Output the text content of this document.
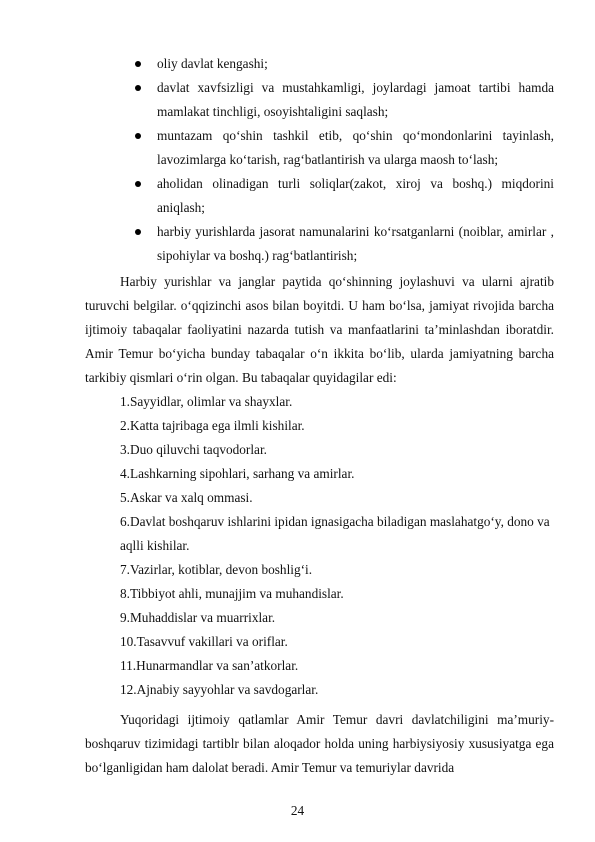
oliy davlat kengashi;
davlat xavfsizligi va mustahkamligi, joylardagi jamoat tartibi hamda mamlakat tinchligi, osoyishtaligini saqlash;
muntazam qo‘shin tashkil etib, qo‘shin qo‘mondonlarini tayinlash, lavozimlarga ko‘tarish, rag‘batlantirish va ularga maosh to‘lash;
aholidan olinadigan turli soliqlar(zakot, xiroj va boshq.) miqdorini aniqlash;
harbiy yurishlarda jasorat namunalarini ko‘rsatganlarni (noiblar, amirlar , sipohiylar va boshq.) rag‘batlantirish;

Harbiy yurishlar va janglar paytida qo‘shinning joylashuvi va ularni ajratib turuvchi belgilar. o‘qqizinchi asos bilan boyitdi. U ham bo‘lsa, jamiyat rivojida barcha ijtimoiy tabaqalar faoliyatini nazarda tutish va manfaatlarini ta’minlashdan iboratdir. Amir Temur bo‘yicha bunday tabaqalar o‘n ikkita bo‘lib, ularda jamiyatning barcha tarkibiy qismlari o‘rin olgan. Bu tabaqalar quyidagilar edi:

1.Sayyidlar, olimlar va shayxlar.
2.Katta tajribaga ega ilmli kishilar.
3.Duo qiluvchi taqvodorlar.
4.Lashkarning sipohlari, sarhang va amirlar.
5.Askar va xalq ommasi.
6.Davlat boshqaruv ishlarini ipidan ignasigacha biladigan maslahatgo‘y, dono va aqlli kishilar.
7.Vazirlar, kotiblar, devon boshlig‘i.
8.Tibbiyot ahli, munajjim va muhandislar.
9.Muhaddislar va muarrixlar.
10.Tasavvuf vakillari va oriflar.
11.Hunarmandlar va san’atkorlar.
12.Ajnabiy sayyohlar va savdogarlar.

Yuqoridagi ijtimoiy qatlamlar Amir Temur davri davlatchiligini ma’muriy-boshqaruv tizimidagi tartiblr bilan aloqador holda uning harbiysiyosiy xususiyatga ega bo‘lganligidan ham dalolat beradi. Amir Temur va temuriylar davrida

24
